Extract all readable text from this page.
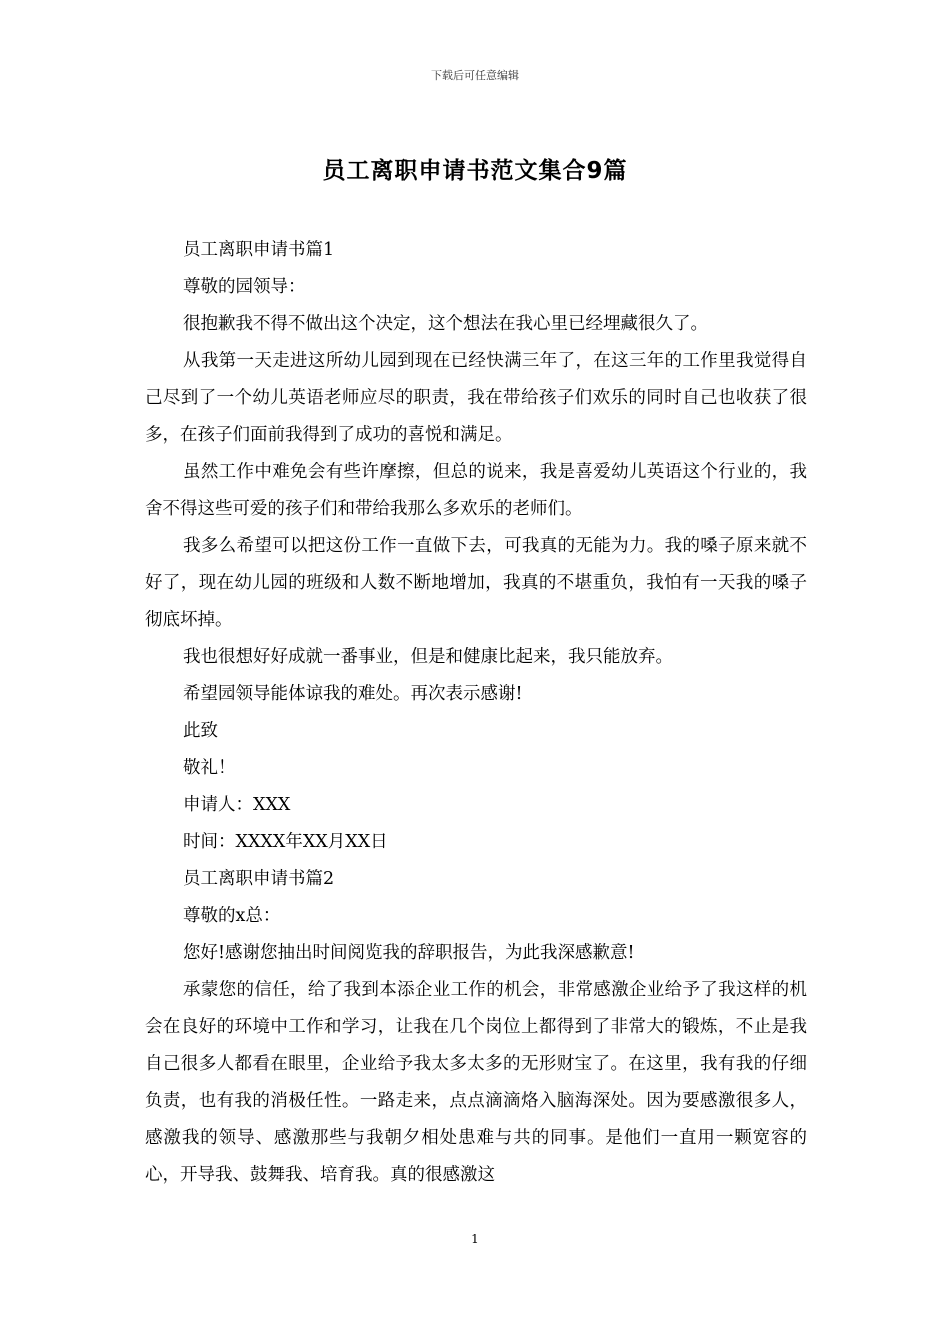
下载后可任意编辑
员工离职申请书范文集合9篇

员工离职申请书篇1

尊敬的园领导：

很抱歉我不得不做出这个决定，这个想法在我心里已经埋藏很久了。

从我第一天走进这所幼儿园到现在已经快满三年了，在这三年的工作里我觉得自己尽到了一个幼儿英语老师应尽的职责，我在带给孩子们欢乐的同时自己也收获了很多，在孩子们面前我得到了成功的喜悦和满足。

虽然工作中难免会有些许摩擦，但总的说来，我是喜爱幼儿英语这个行业的，我舍不得这些可爱的孩子们和带给我那么多欢乐的老师们。

我多么希望可以把这份工作一直做下去，可我真的无能为力。我的嗓子原来就不好了，现在幼儿园的班级和人数不断地增加，我真的不堪重负，我怕有一天我的嗓子彻底坏掉。

我也很想好好成就一番事业，但是和健康比起来，我只能放弃。

希望园领导能体谅我的难处。再次表示感谢!

此致

敬礼！

申请人：XXX

时间：XXXX年XX月XX日

员工离职申请书篇2

尊敬的x总：

您好!感谢您抽出时间阅览我的辞职报告，为此我深感歉意!

承蒙您的信任，给了我到本添企业工作的机会，非常感激企业给予了我这样的机会在良好的环境中工作和学习，让我在几个岗位上都得到了非常大的锻炼，不止是我自己很多人都看在眼里，企业给予我太多太多的无形财宝了。在这里，我有我的仔细负责，也有我的消极任性。一路走来，点点滴滴烙入脑海深处。因为要感激很多人，感激我的领导、感激那些与我朝夕相处患难与共的同事。是他们一直用一颗宽容的心，开导我、鼓舞我、培育我。真的很感激这

1
